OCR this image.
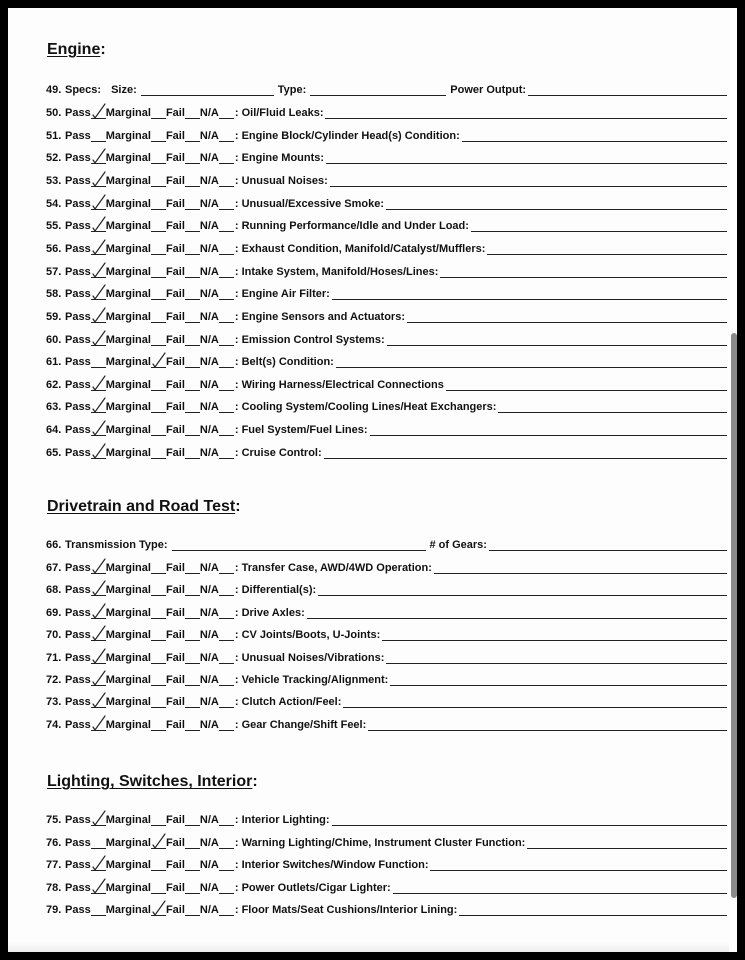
Engine:
49. Specs: Size:	Type:	Power Output:
50. Pass Marginal Fail N/A : Oil/Fluid Leaks:
51. Pass Marginal Fail N/A : Engine Block/Cylinder Head(s) Condition:
52. Pass Marginal Fail N/A : Engine Mounts:
53. Pass Marginal Fail N/A : Unusual Noises:
54. Pass Marginal Fail N/A : Unusual/Excessive Smoke:
55. Pass Marginal Fail N/A : Running Performance/Idle and Under Load:
56. Pass Marginal Fail N/A : Exhaust Condition, Manifold/Catalyst/Mufflers:
57. Pass Marginal Fail N/A : Intake System, Manifold/Hoses/Lines:
58. Pass Marginal Fail N/A : Engine Air Filter:
59. Pass Marginal Fail N/A : Engine Sensors and Actuators:
60. Pass Marginal Fail N/A : Emission Control Systems:
61. Pass Marginal Fail N/A : Belt(s) Condition:
62. Pass Marginal Fail N/A : Wiring Harness/Electrical Connections
63. Pass Marginal Fail N/A : Cooling System/Cooling Lines/Heat Exchangers:
64. Pass Marginal Fail N/A : Fuel System/Fuel Lines:
65. Pass Marginal Fail N/A : Cruise Control:
Drivetrain and Road Test:
66. Transmission Type:	# of Gears:
67. Pass Marginal Fail N/A : Transfer Case, AWD/4WD Operation:
68. Pass Marginal Fail N/A : Differential(s):
69. Pass Marginal Fail N/A : Drive Axles:
70. Pass Marginal Fail N/A : CV Joints/Boots, U-Joints:
71. Pass Marginal Fail N/A : Unusual Noises/Vibrations:
72. Pass Marginal Fail N/A : Vehicle Tracking/Alignment:
73. Pass Marginal Fail N/A : Clutch Action/Feel:
74. Pass Marginal Fail N/A : Gear Change/Shift Feel:
Lighting, Switches, Interior:
75. Pass Marginal Fail N/A : Interior Lighting:
76. Pass Marginal Fail N/A : Warning Lighting/Chime, Instrument Cluster Function:
77. Pass Marginal Fail N/A : Interior Switches/Window Function:
78. Pass Marginal Fail N/A : Power Outlets/Cigar Lighter:
79. Pass Marginal Fail N/A : Floor Mats/Seat Cushions/Interior Lining:
